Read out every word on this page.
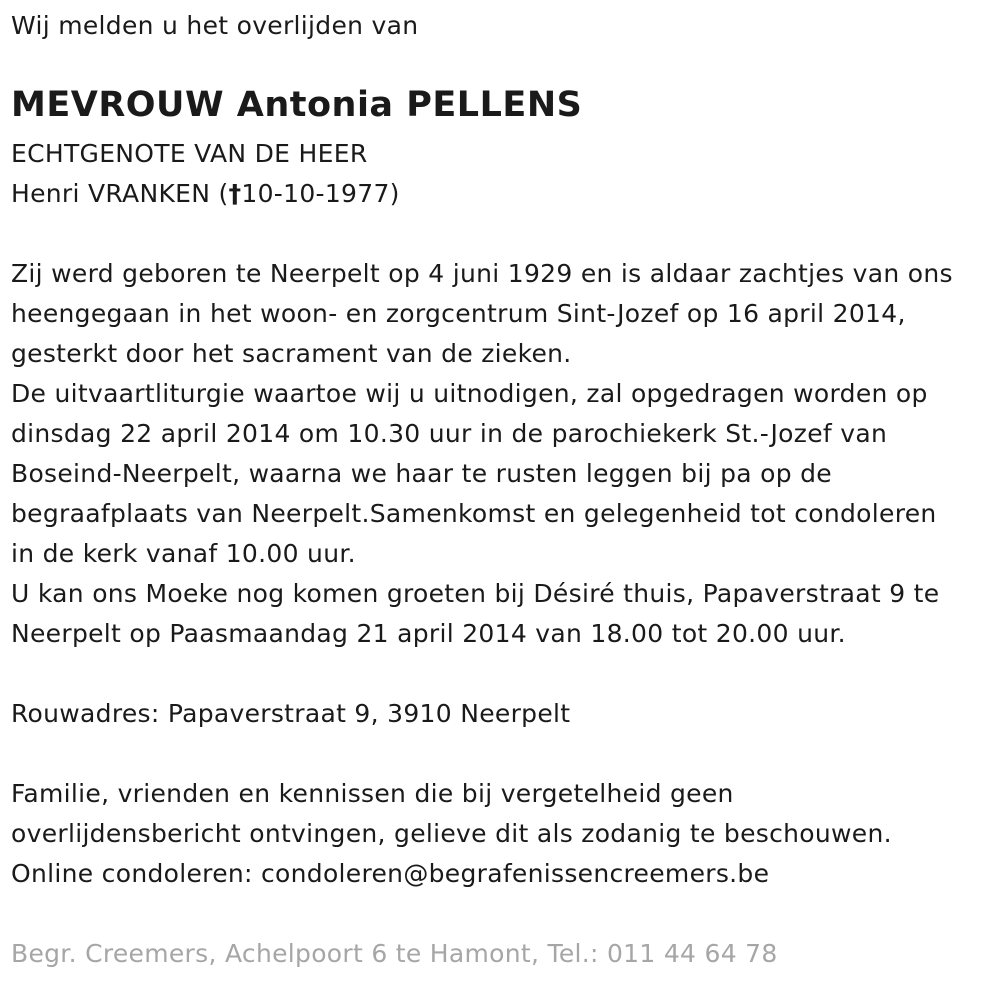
Wij melden u het overlijden van
MEVROUW Antonia PELLENS
ECHTGENOTE VAN DE HEER
Henri VRANKEN (†10-10-1977)
Zij werd geboren te Neerpelt op 4 juni 1929 en is aldaar zachtjes van ons
heengegaan in het woon- en zorgcentrum Sint-Jozef op 16 april 2014,
gesterkt door het sacrament van de zieken.
De uitvaartliturgie waartoe wij u uitnodigen, zal opgedragen worden op
dinsdag 22 april 2014 om 10.30 uur in de parochiekerk St.-Jozef van
Boseind-Neerpelt, waarna we haar te rusten leggen bij pa op de
begraafplaats van Neerpelt.Samenkomst en gelegenheid tot condoleren
in de kerk vanaf 10.00 uur.
U kan ons Moeke nog komen groeten bij Désiré thuis, Papaverstraat 9 te
Neerpelt op Paasmaandag 21 april 2014 van 18.00 tot 20.00 uur.
Rouwadres: Papaverstraat 9, 3910 Neerpelt
Familie, vrienden en kennissen die bij vergetelheid geen
overlijdensbericht ontvingen, gelieve dit als zodanig te beschouwen.
Online condoleren: condoleren@begrafenissencreemers.be
Begr. Creemers, Achelpoort 6 te Hamont, Tel.: 011 44 64 78
